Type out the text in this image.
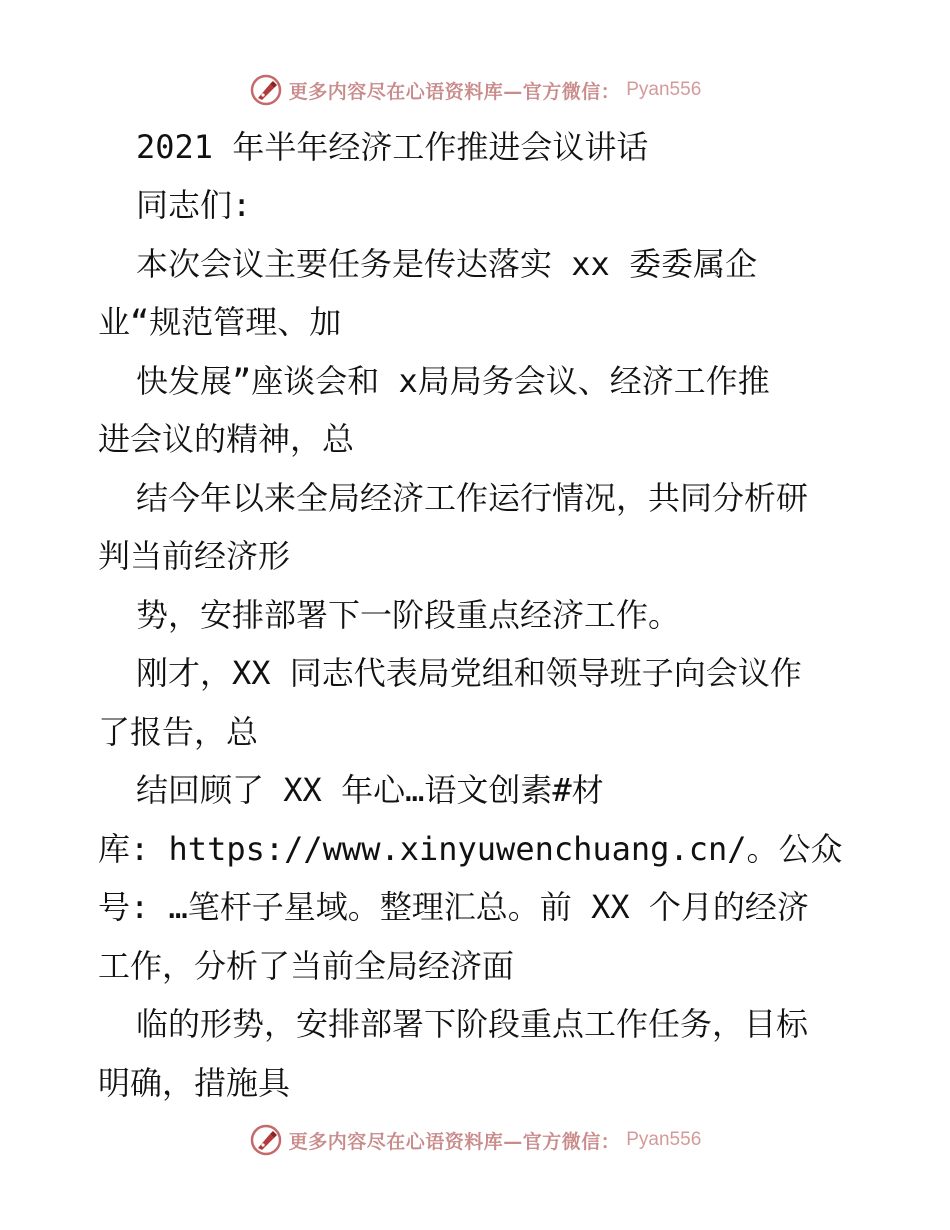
更多内容尽在心语资料库—官方微信： Pyan556
2021 年半年经济工作推进会议讲话
同志们:
本次会议主要任务是传达落实 xx 委委属企
业“规范管理、加
快发展”座谈会和 x局局务会议、经济工作推
进会议的精神，总
结今年以来全局经济工作运行情况，共同分析研
判当前经济形
势，安排部署下一阶段重点经济工作。
刚才，XX 同志代表局党组和领导班子向会议作
了报告，总
结回顾了 XX 年心…语文创素#材
库: https://www.xinyuwenchuang.cn/。公众
号: …笔杆子星域。整理汇总。前 XX 个月的经济
工作，分析了当前全局经济面
临的形势，安排部署下阶段重点工作任务，目标
明确，措施具
更多内容尽在心语资料库—官方微信： Pyan556
